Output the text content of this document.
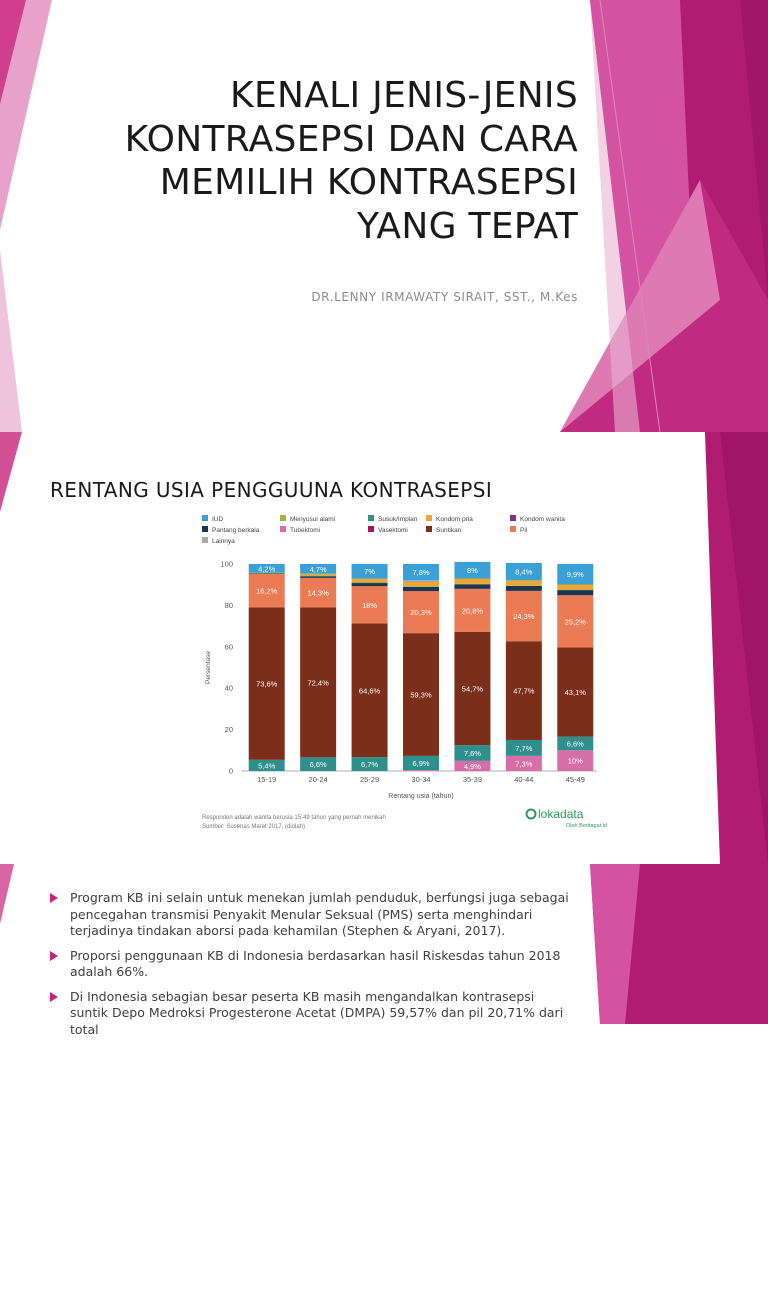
KENALI JENIS-JENIS
KONTRASEPSI DAN CARA
MEMILIH KONTRASEPSI
YANG TEPAT
DR.LENNY IRMAWATY SIRAIT, SST., M.Kes
RENTANG USIA PENGGUUNA KONTRASEPSI
IUD	Menyusui alami	Susuk/Implan	Kondom pria	Kondom wanita
Pantang berkala	Tubektomi	Vasektomi	Suntikan	Pil
Lainnya
0
20
40
60
80
100
Persentase
5,4%
73,6%
16,2%
4,2%
15-19
6,6%
72,4%
14,3%
4,7%
20-24
6,7%
64,6%
18%
7%
25-29
6,9%
59,3%
20,3%
7,8%
30-34
4,9%
7,6%
54,7%
20,8%
8%
35-39
7,3%
7,7%
47,7%
24,3%
8,4%
40-44
10%
6,6%
43,1%
25,2%
9,9%
45-49
Rentang usia (tahun)
Responden adalah wanita berusia 15-49 tahun yang pernah menikah
Sumber: Susenas Maret 2017, (diolah)
lokadata
Oleh Beritagar.id
Program KB ini selain untuk menekan jumlah penduduk, berfungsi juga sebagai pencegahan transmisi Penyakit Menular Seksual (PMS) serta menghindari terjadinya tindakan aborsi pada kehamilan (Stephen & Aryani, 2017).
Proporsi penggunaan KB di Indonesia berdasarkan hasil Riskesdas tahun 2018 adalah 66%.
Di Indonesia sebagian besar peserta KB masih mengandalkan kontrasepsi suntik Depo Medroksi Progesterone Acetat (DMPA) 59,57% dan pil 20,71% dari total
